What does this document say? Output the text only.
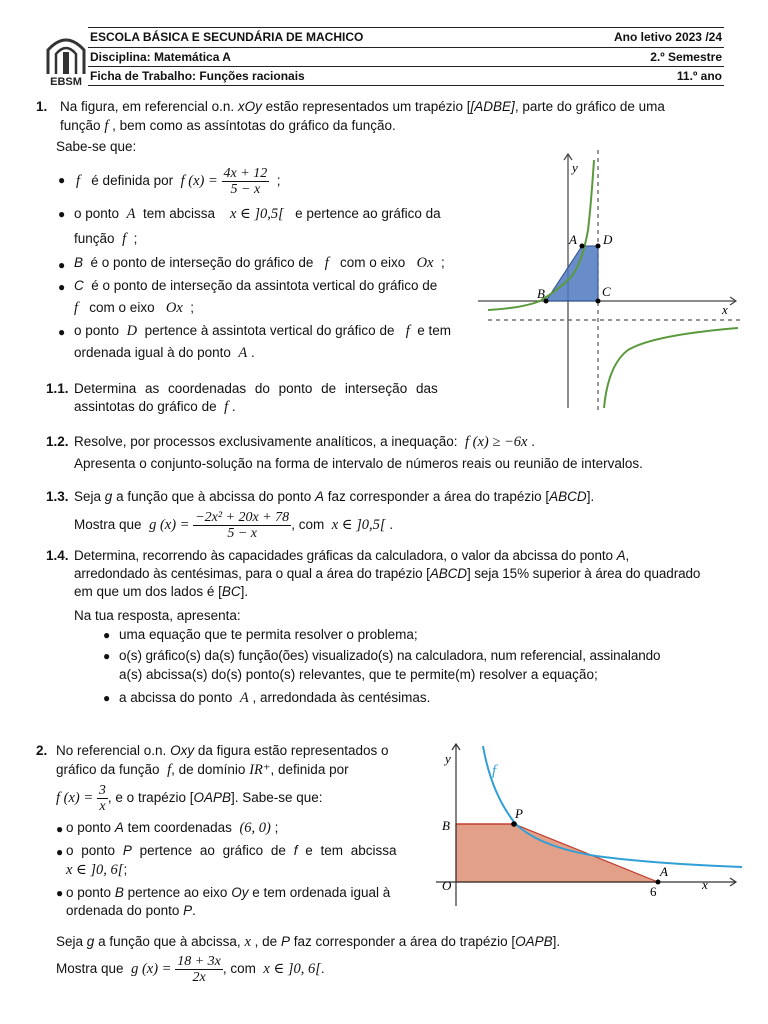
EBSM
ESCOLA BÁSICA E SECUNDÁRIA DE MACHICO
Disciplina: Matemática A
Ficha de Trabalho: Funções racionais
Ano letivo 2023 /24
2.º Semestre
11.º ano
1. Na figura, em referencial o.n. xOy estão representados um trapézio [[ADBE], parte do gráfico de uma
função f , bem como as assíntotas do gráfico da função.
Sabe-se que:
● f é definida por f $(x) = \frac{4x + 12}{5 - x}$ ;
● o ponto A tem abcissa x ∈ ]0,5[ e pertence ao gráfico da
função f ;
● B é o ponto de interseção do gráfico de f com o eixo Ox ;
● C é o ponto de interseção da assintota vertical do gráfico de
f com o eixo Ox ;
● o ponto D pertence à assintota vertical do gráfico de f e tem
ordenada igual à do ponto A .
y
x
A D
B	C
1.1. Determina as coordenadas do ponto de interseção das
assintotas do gráfico de f .
1.2. Resolve, por processos exclusivamente analíticos, a inequação: f (x) ≥ −6x .
Apresenta o conjunto-solução na forma de intervalo de números reais ou reunião de intervalos.
1.3. Seja g a função que à abcissa do ponto A faz corresponder a área do trapézio [ABCD].
Mostra que g $(x) = \frac{\text{−2x² + 20x + 78}}{5 - x}$ , com x ∈ ]0,5[ .
1.4. Determina, recorrendo às capacidades gráficas da calculadora, o valor da abcissa do ponto A,
arredondado às centésimas, para o qual a área do trapézio [ABCD] seja 15% superior à área do quadrado
em que um dos lados é [BC].
Na tua resposta, apresenta:
● uma equação que te permita resolver o problema;
● o(s) gráfico(s) da(s) função(ões) visualizado(s) na calculadora, num referencial, assinalando
a(s) abcissa(s) do(s) ponto(s) relevantes, que te permite(m) resolver a equação;
● a abcissa do ponto A , arredondada às centésimas.
2. No referencial o.n. Oxy da figura estão representados o
gráfico da função f, de domínio IR⁺, definida por
f $(x) = \frac{3}{x}$ , e o trapézio [OAPB]. Sabe-se que:
● o ponto A tem coordenadas (6, 0) ;
● o ponto P pertence ao gráfico de f e tem abcissa
x ∈ ]0, 6[;
● o ponto B pertence ao eixo Oy e tem ordenada igual à
ordenada do ponto P.
y
f
P
B
O
A
6	x
Seja g a função que à abcissa, x , de P faz corresponder a área do trapézio [OAPB].
Mostra que g $(x) = \frac{18 + 3x}{2x}$ , com x ∈ ]0, 6[.
